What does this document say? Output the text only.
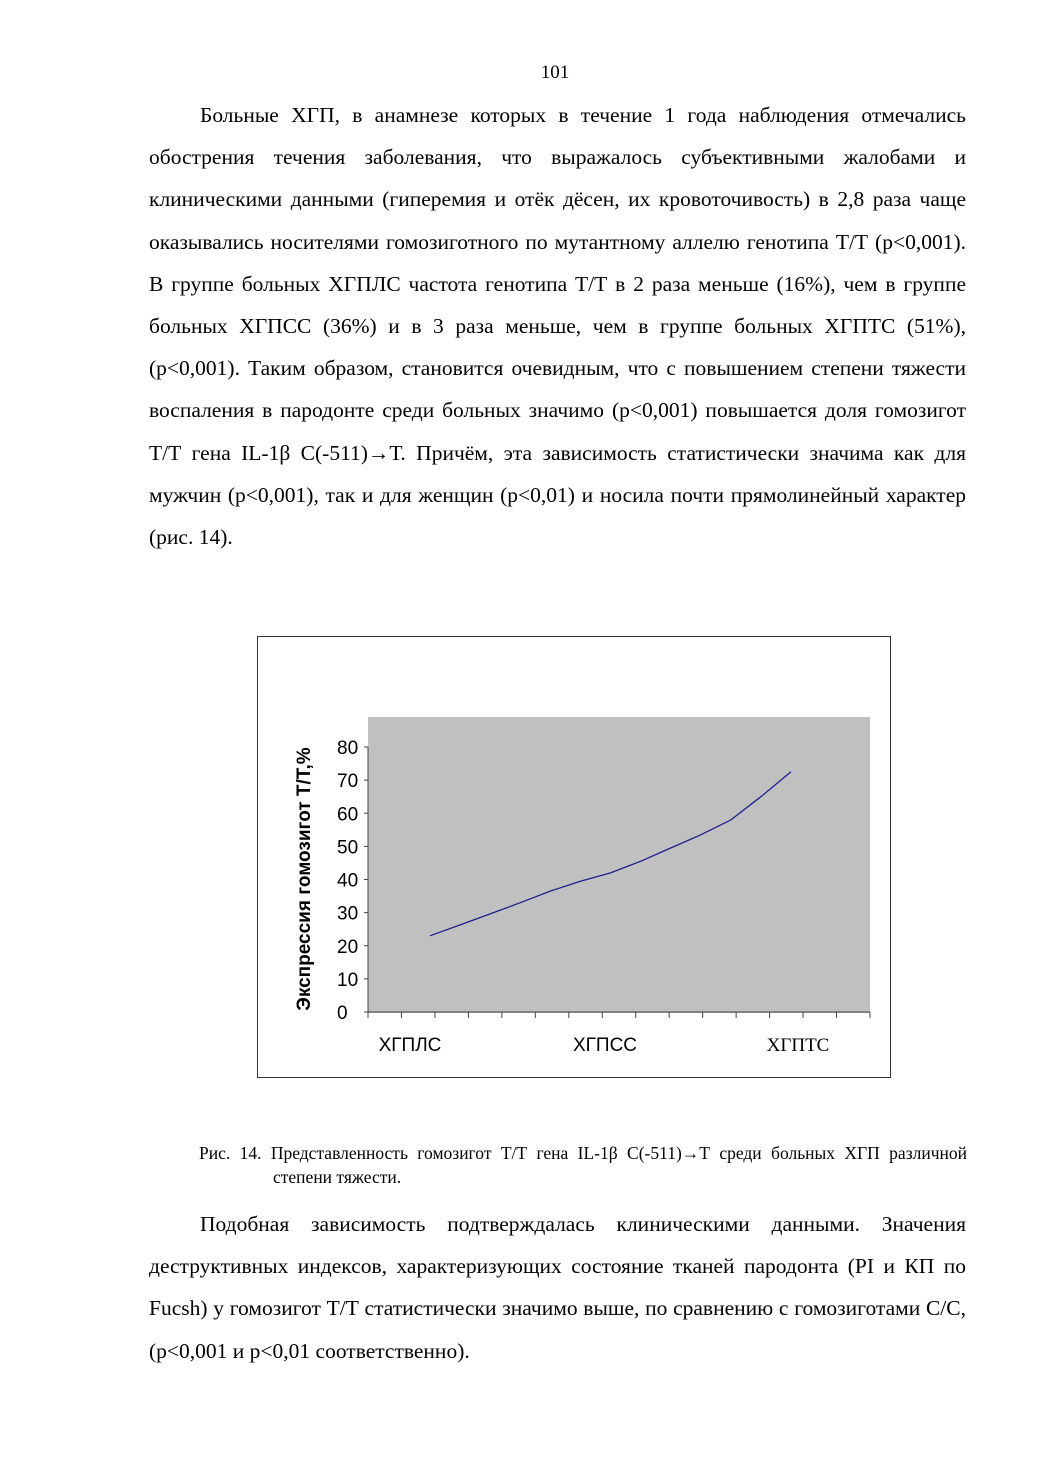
101

Больные ХГП, в анамнезе которых в течение 1 года наблюдения отмечались обострения течения заболевания, что выражалось субъективными жалобами и клиническими данными (гиперемия и отёк дёсен, их кровоточивость) в 2,8 раза чаще оказывались носителями гомозиготного по мутантному аллелю генотипа Т/Т (р<0,001). В группе больных ХГПЛС частота генотипа Т/Т в 2 раза меньше (16%), чем в группе больных ХГПСС (36%) и в 3 раза меньше, чем в группе больных ХГПТС (51%), (р<0,001). Таким образом, становится очевидным, что с повышением степени тяжести воспаления в пародонте среди больных значимо (р<0,001) повышается доля гомозигот Т/Т гена IL-1β С(-511)→Т. Причём, эта зависимость статистически значима как для мужчин (р<0,001), так и для женщин (р<0,01) и носила почти прямолинейный характер (рис. 14).

0
10
20
30
40
50
60
70
80
ХГПЛС	ХГПСС	ХГПТС
Экспрессия гомозигот Т/Т,%

Рис. 14. Представленность гомозигот Т/Т гена IL-1β С(-511)→Т среди больных ХГП различной степени тяжести.

Подобная зависимость подтверждалась клиническими данными. Значения деструктивных индексов, характеризующих состояние тканей пародонта (PI и КП по Fucsh) у гомозигот Т/Т статистически значимо выше, по сравнению с гомозиготами С/С, (р<0,001 и р<0,01 соответственно).
